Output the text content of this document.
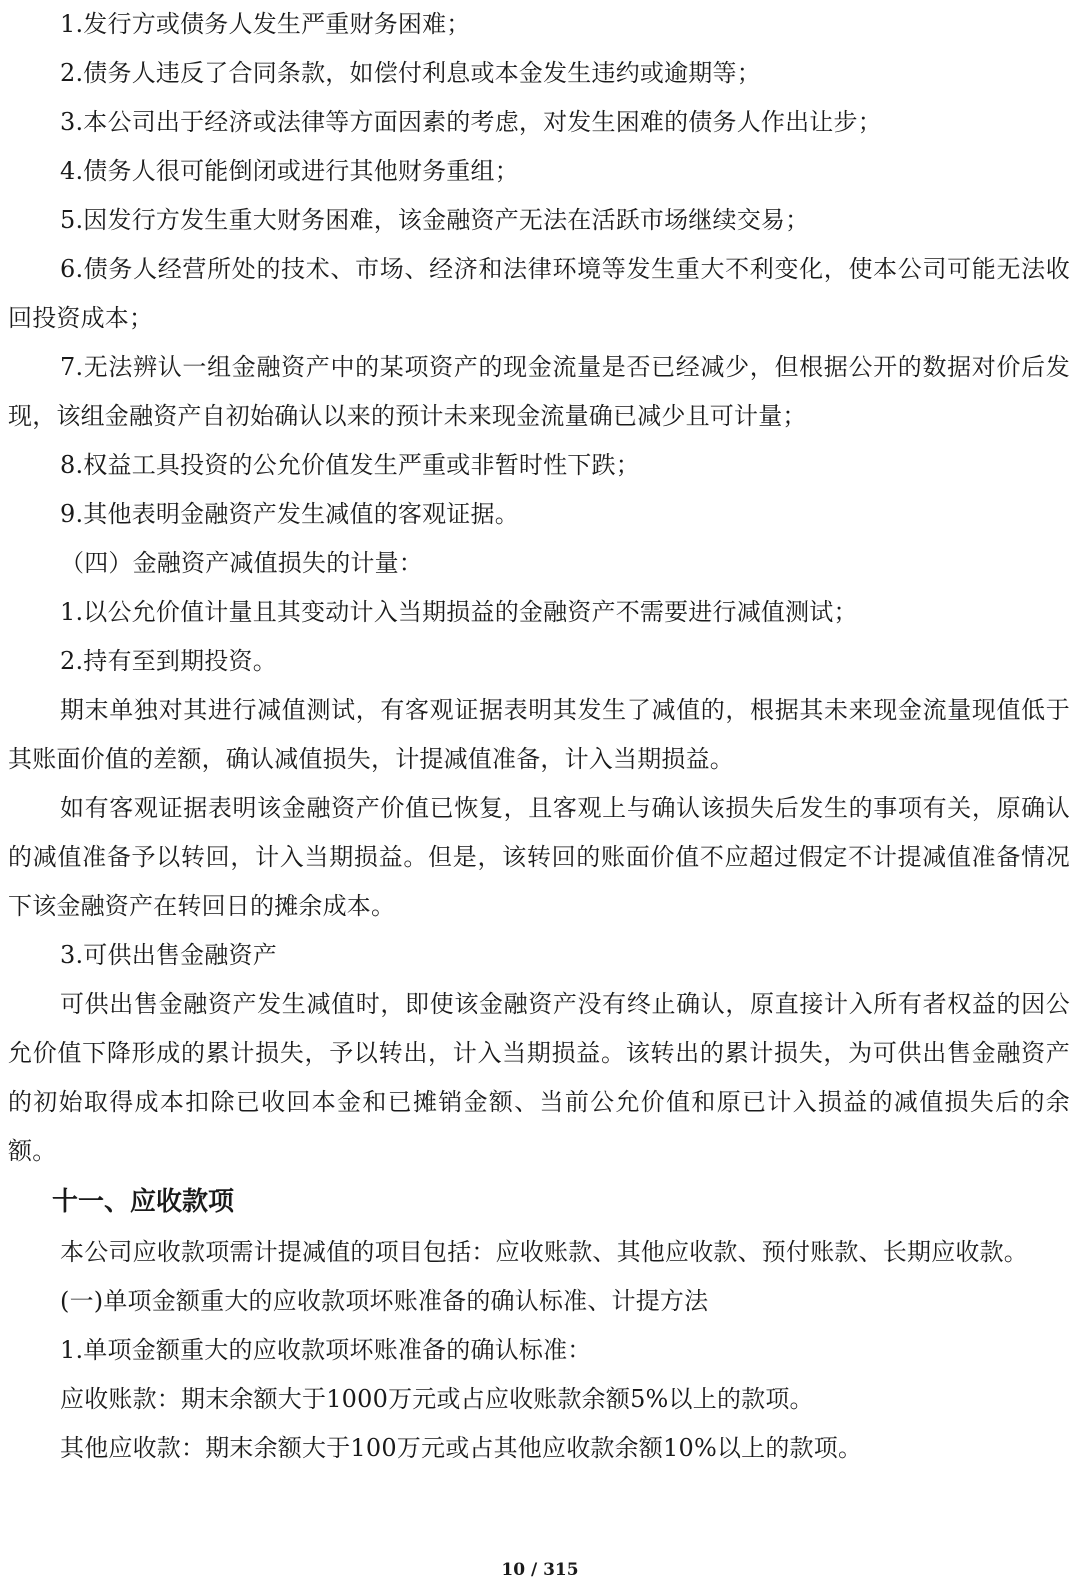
1.发行方或债务人发生严重财务困难；

2.债务人违反了合同条款，如偿付利息或本金发生违约或逾期等；

3.本公司出于经济或法律等方面因素的考虑，对发生困难的债务人作出让步；

4.债务人很可能倒闭或进行其他财务重组；

5.因发行方发生重大财务困难，该金融资产无法在活跃市场继续交易；

6.债务人经营所处的技术、市场、经济和法律环境等发生重大不利变化，使本公司可能无法收回投资成本；

7.无法辨认一组金融资产中的某项资产的现金流量是否已经减少，但根据公开的数据对价后发现，该组金融资产自初始确认以来的预计未来现金流量确已减少且可计量；

8.权益工具投资的公允价值发生严重或非暂时性下跌；

9.其他表明金融资产发生减值的客观证据。

（四）金融资产减值损失的计量：

1.以公允价值计量且其变动计入当期损益的金融资产不需要进行减值测试；

2.持有至到期投资。

期末单独对其进行减值测试，有客观证据表明其发生了减值的，根据其未来现金流量现值低于其账面价值的差额，确认减值损失，计提减值准备，计入当期损益。

如有客观证据表明该金融资产价值已恢复，且客观上与确认该损失后发生的事项有关，原确认的减值准备予以转回，计入当期损益。但是，该转回的账面价值不应超过假定不计提减值准备情况下该金融资产在转回日的摊余成本。

3.可供出售金融资产

可供出售金融资产发生减值时，即使该金融资产没有终止确认，原直接计入所有者权益的因公允价值下降形成的累计损失，予以转出，计入当期损益。该转出的累计损失，为可供出售金融资产的初始取得成本扣除已收回本金和已摊销金额、当前公允价值和原已计入损益的减值损失后的余额。

十一、应收款项

本公司应收款项需计提减值的项目包括：应收账款、其他应收款、预付账款、长期应收款。

(一)单项金额重大的应收款项坏账准备的确认标准、计提方法

1.单项金额重大的应收款项坏账准备的确认标准：

应收账款：期末余额大于1000万元或占应收账款余额5%以上的款项。

其他应收款：期末余额大于100万元或占其他应收款余额10%以上的款项。

10 / 315
